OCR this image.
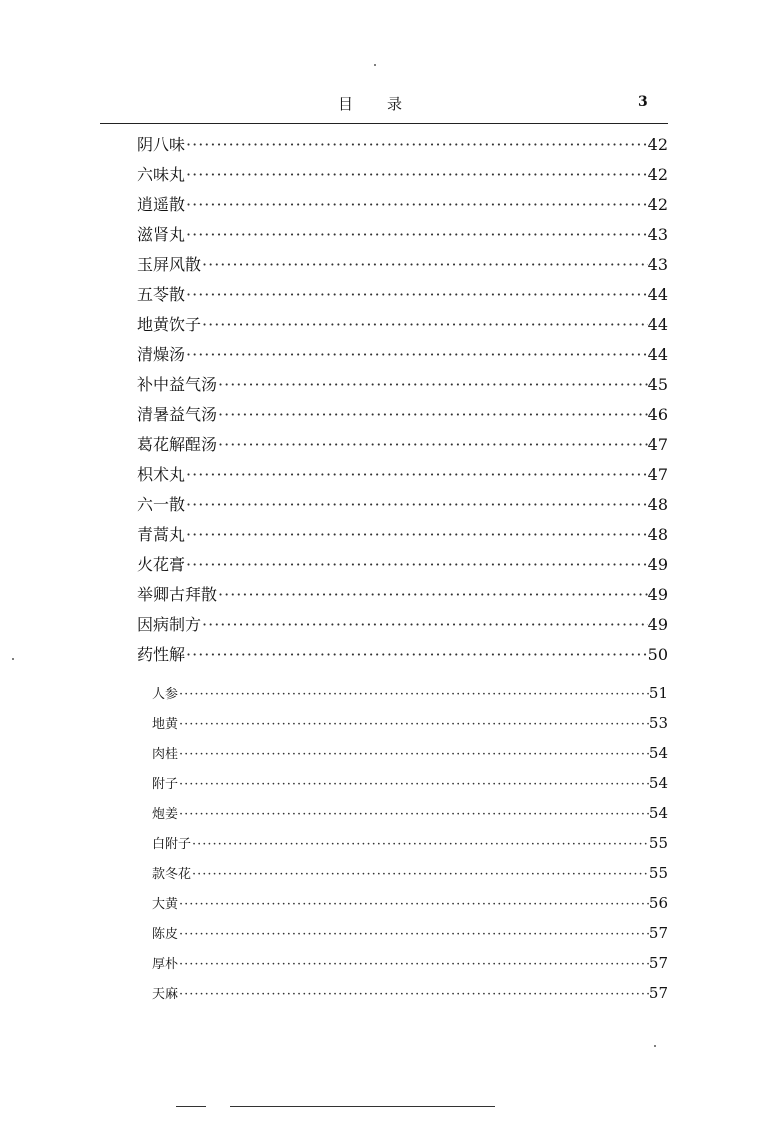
目录	3
阴八味 ·····	42
六味丸 ·····	42
逍遥散 ·····	42
滋肾丸 ·····	43
玉屏风散 ·····	43
五苓散 ·····	44
地黄饮子 ·····	44
清燥汤 ·····	44
补中益气汤 ·····	45
清暑益气汤 ·····	46
葛花解酲汤 ·····	47
枳术丸 ·····	47
六一散 ·····	48
青蒿丸 ·····	48
火花膏 ·····	49
举卿古拜散 ·····	49
因病制方 ·····	49
药性解 ·····	50
人参 ·····	51
地黄 ·····	53
肉桂 ·····	54
附子 ·····	54
炮姜 ·····	54
白附子 ·····	55
款冬花 ·····	55
大黄 ·····	56
陈皮 ·····	57
厚朴 ·····	57
天麻 ·····	57
